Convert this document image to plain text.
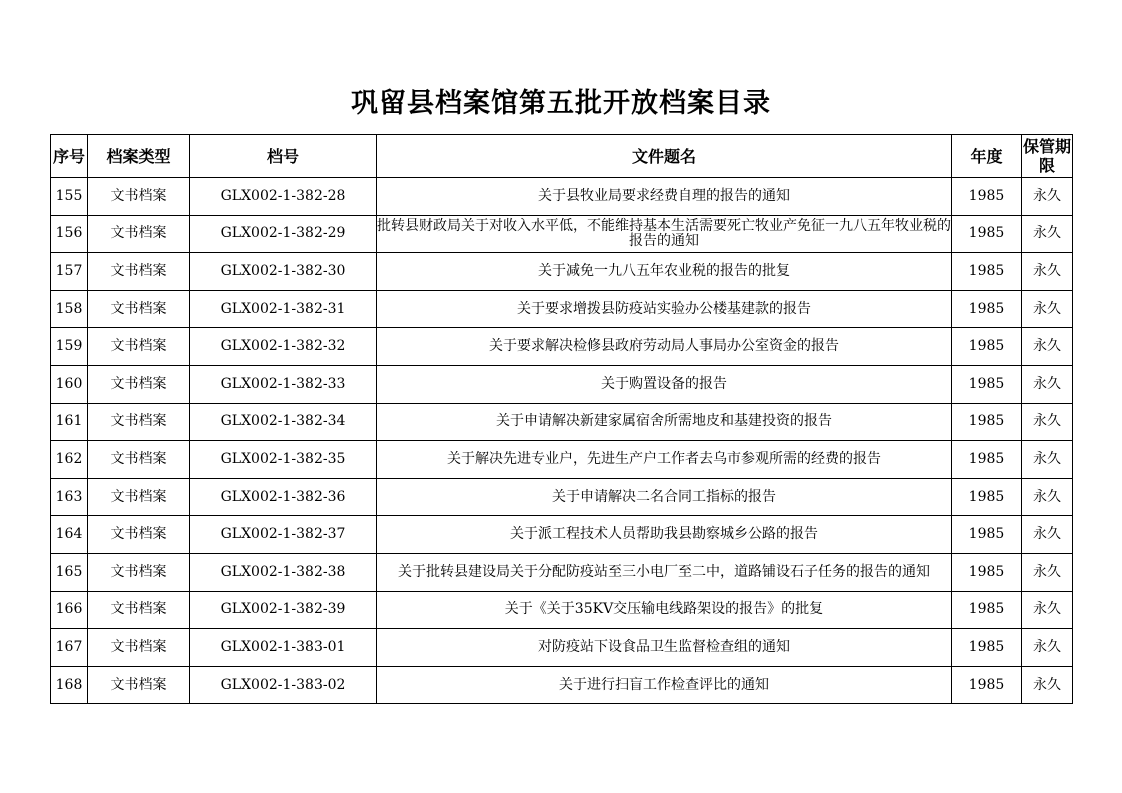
巩留县档案馆第五批开放档案目录
序号	档案类型	档号	文件题名	年度	保管期限
155	文书档案	GLX002-1-382-28	关于县牧业局要求经费自理的报告的通知	1985	永久
156	文书档案	GLX002-1-382-29	批转县财政局关于对收入水平低，不能维持基本生活需要死亡牧业产免征一九八五年牧业税的报告的通知	1985	永久
157	文书档案	GLX002-1-382-30	关于减免一九八五年农业税的报告的批复	1985	永久
158	文书档案	GLX002-1-382-31	关于要求增拨县防疫站实验办公楼基建款的报告	1985	永久
159	文书档案	GLX002-1-382-32	关于要求解决检修县政府劳动局人事局办公室资金的报告	1985	永久
160	文书档案	GLX002-1-382-33	关于购置设备的报告	1985	永久
161	文书档案	GLX002-1-382-34	关于申请解决新建家属宿舍所需地皮和基建投资的报告	1985	永久
162	文书档案	GLX002-1-382-35	关于解决先进专业户，先进生产户工作者去乌市参观所需的经费的报告	1985	永久
163	文书档案	GLX002-1-382-36	关于申请解决二名合同工指标的报告	1985	永久
164	文书档案	GLX002-1-382-37	关于派工程技术人员帮助我县勘察城乡公路的报告	1985	永久
165	文书档案	GLX002-1-382-38	关于批转县建设局关于分配防疫站至三小电厂至二中，道路铺设石子任务的报告的通知	1985	永久
166	文书档案	GLX002-1-382-39	关于《关于35KV交压输电线路架设的报告》的批复	1985	永久
167	文书档案	GLX002-1-383-01	对防疫站下设食品卫生监督检查组的通知	1985	永久
168	文书档案	GLX002-1-383-02	关于进行扫盲工作检查评比的通知	1985	永久
